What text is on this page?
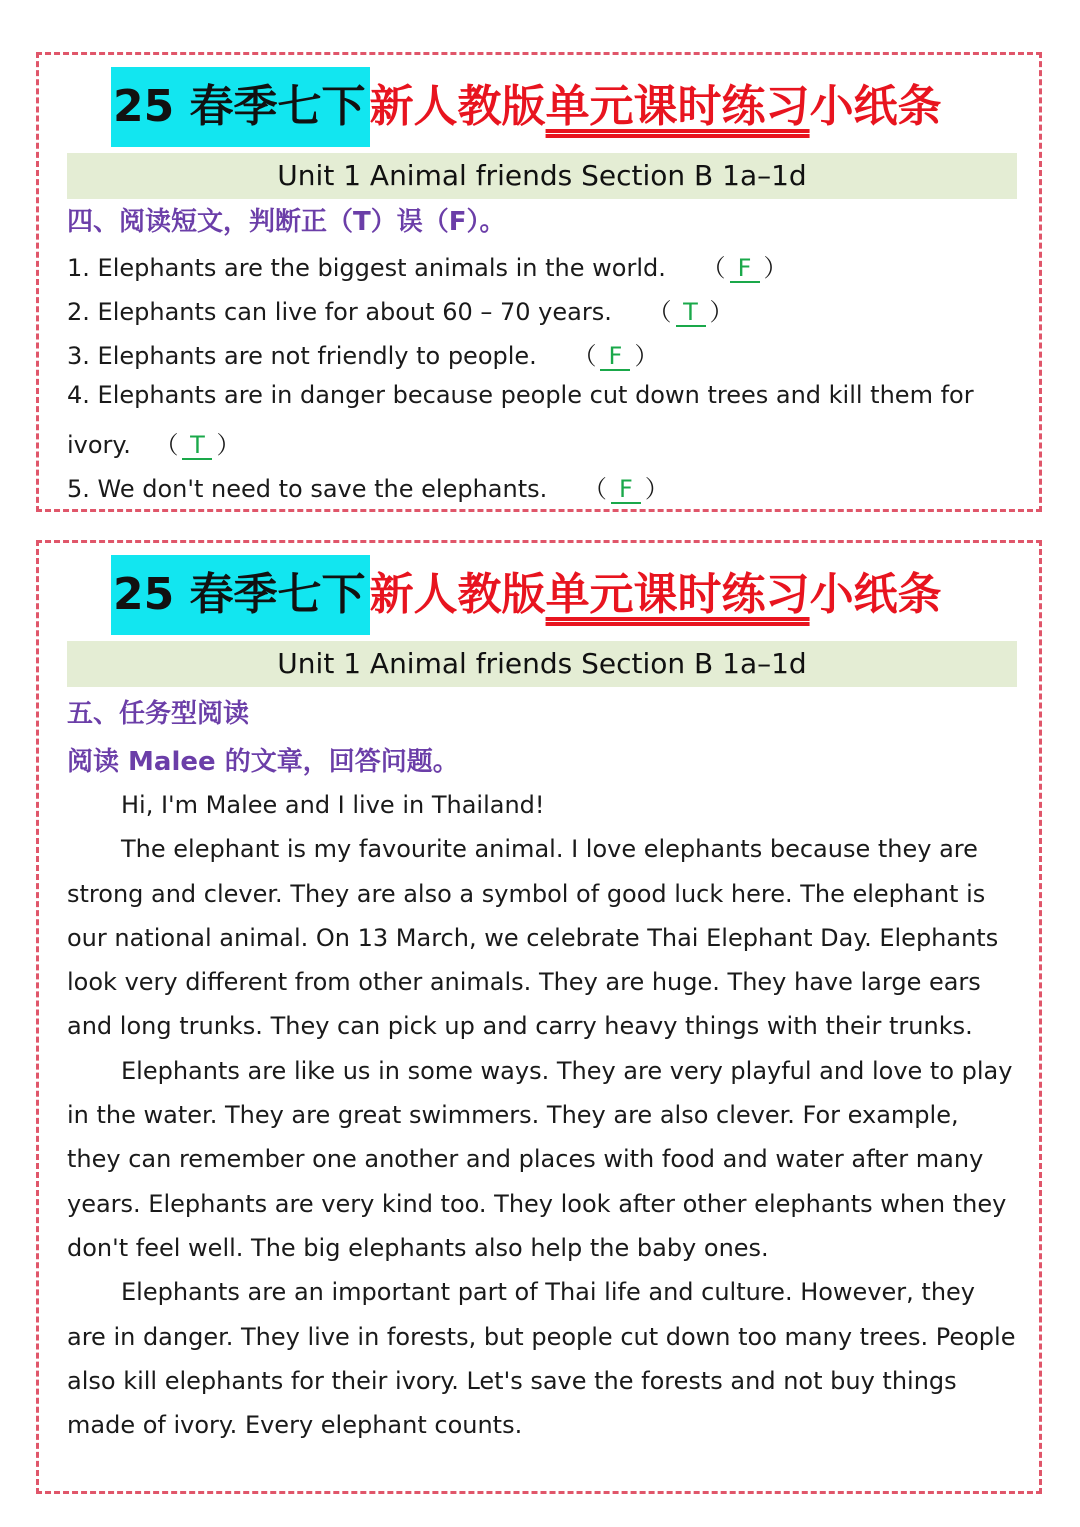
25 春季七下新人教版单元课时练习小纸条
Unit 1 Animal friends Section B 1a–1d
四、阅读短文，判断正（T）误（F）。
1. Elephants are the biggest animals in the world. （ F ）
2. Elephants can live for about 60 – 70 years. （ T ）
3. Elephants are not friendly to people. （ F ）
4. Elephants are in danger because people cut down trees and kill them for
ivory. （ T ）
5. We don't need to save the elephants. （ F ）
25 春季七下新人教版单元课时练习小纸条
Unit 1 Animal friends Section B 1a–1d
五、任务型阅读
阅读 Malee 的文章，回答问题。

Hi, I'm Malee and I live in Thailand!
The elephant is my favourite animal. I love elephants because they are strong and clever. They are also a symbol of good luck here. The elephant is our national animal. On 13 March, we celebrate Thai Elephant Day. Elephants look very different from other animals. They are huge. They have large ears and long trunks. They can pick up and carry heavy things with their trunks.
Elephants are like us in some ways. They are very playful and love to play in the water. They are great swimmers. They are also clever. For example, they can remember one another and places with food and water after many years. Elephants are very kind too. They look after other elephants when they don't feel well. The big elephants also help the baby ones.
Elephants are an important part of Thai life and culture. However, they are in danger. They live in forests, but people cut down too many trees. People also kill elephants for their ivory. Let's save the forests and not buy things made of ivory. Every elephant counts.
